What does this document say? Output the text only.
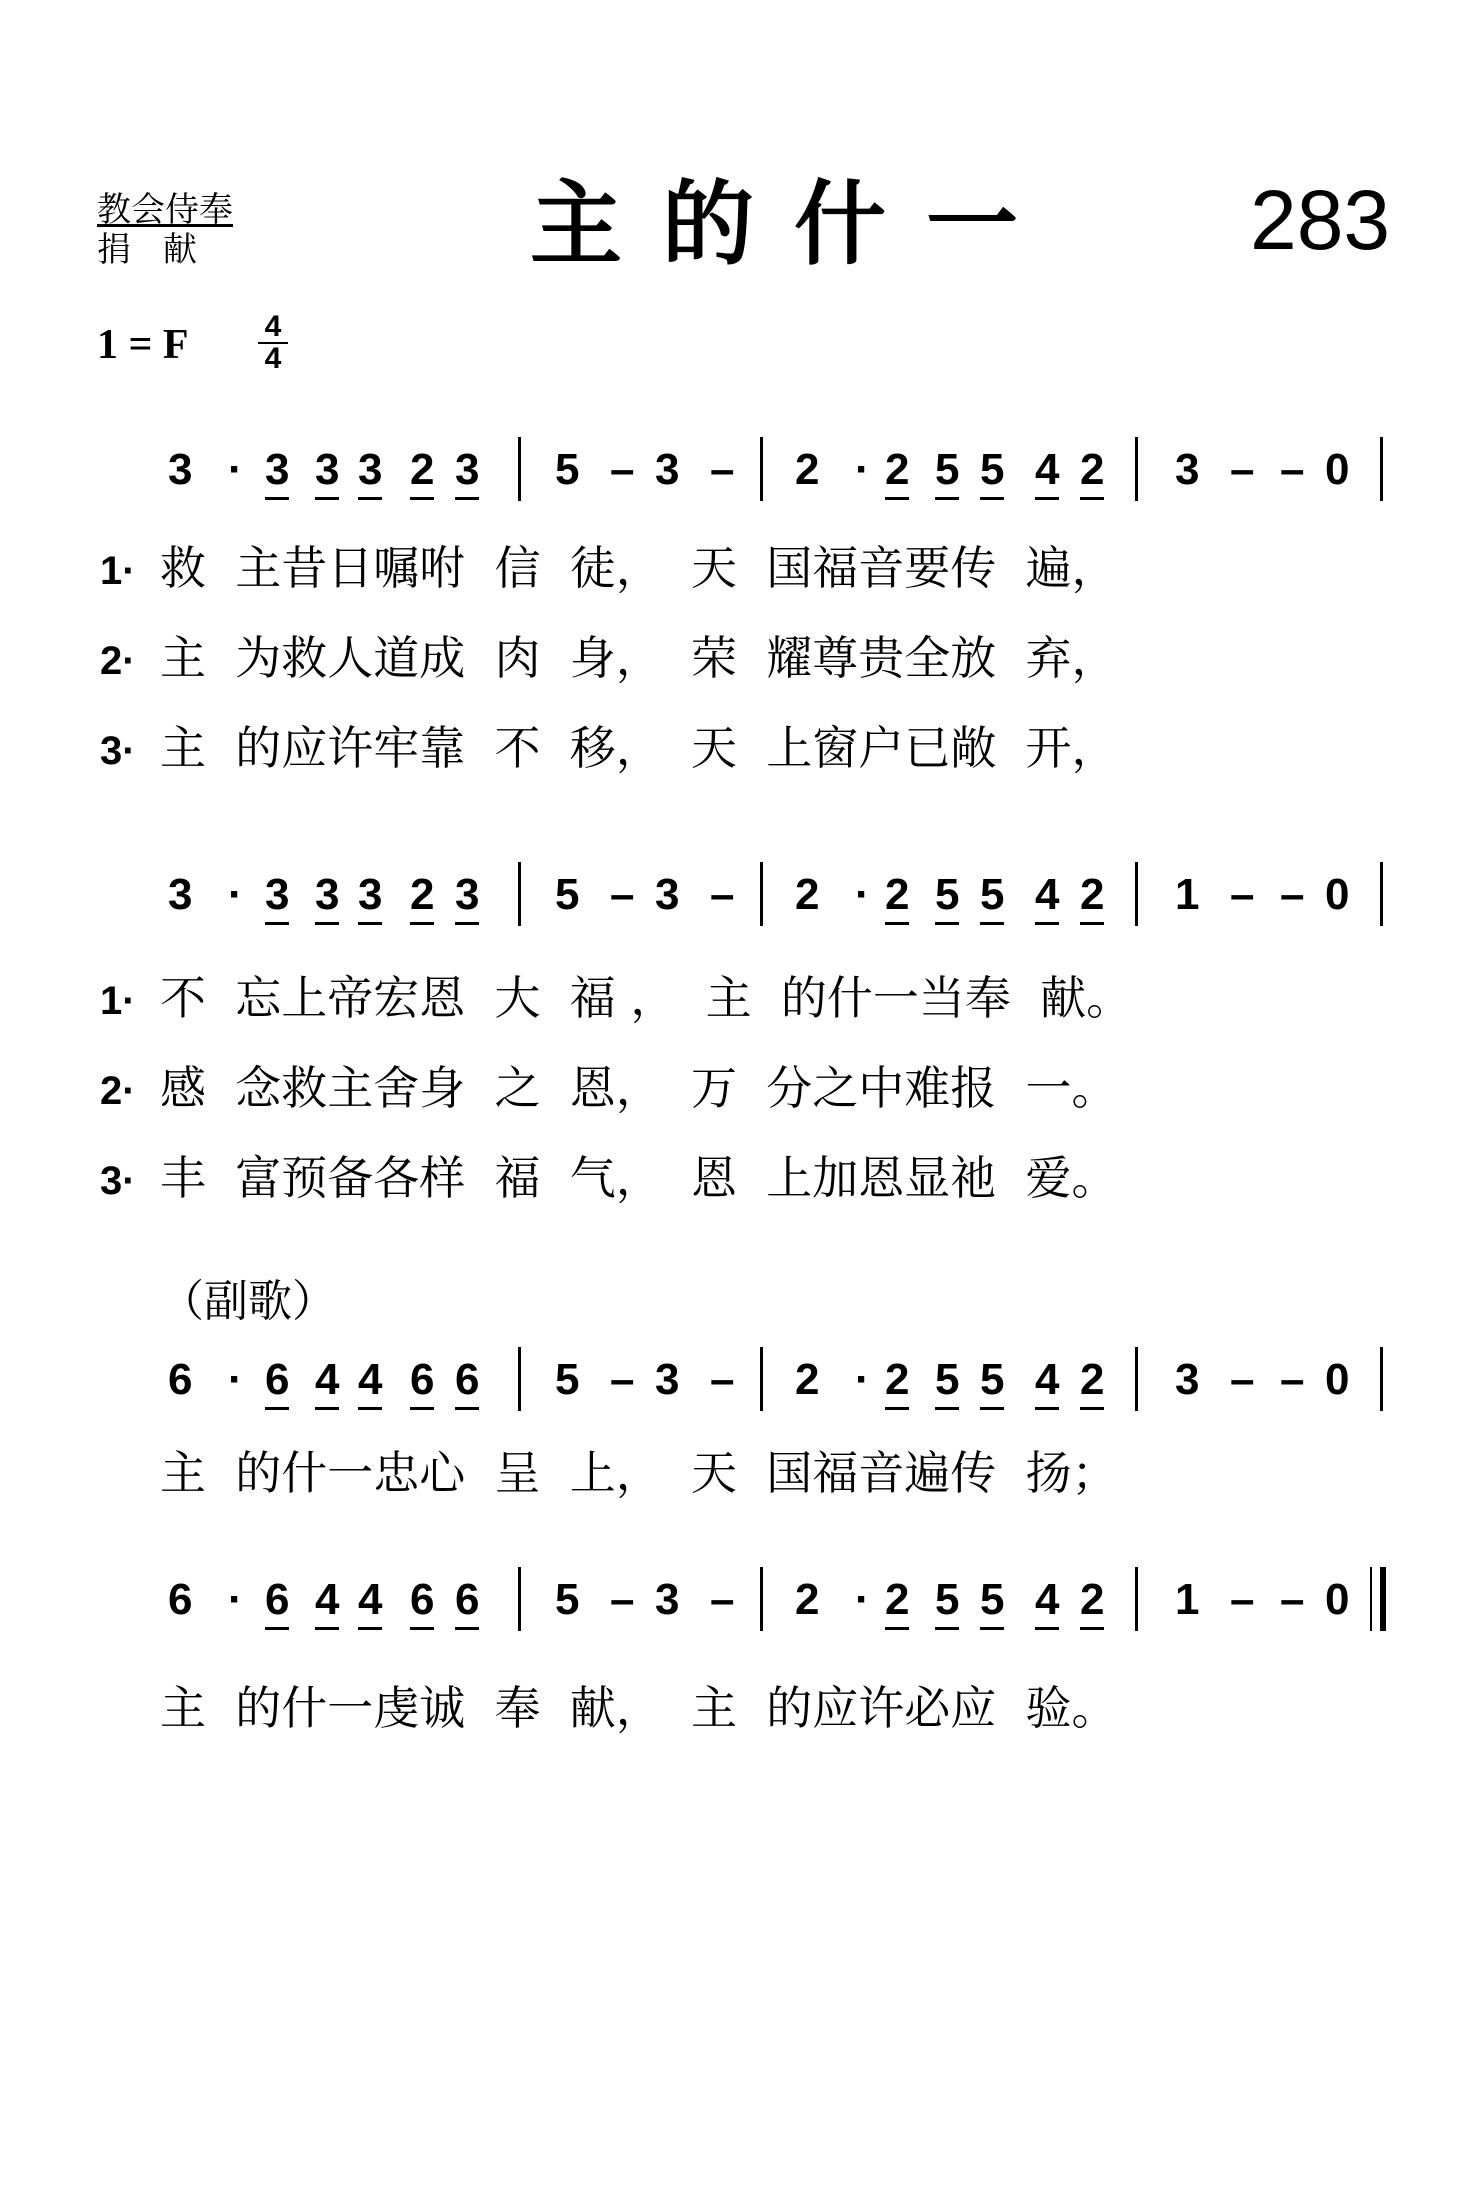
教会侍奉
捐献	主的什一 283
1 = F	4
4
（副歌）
3 · 3 3 3 2 3 5 – 3 – 2 · 2 5 5 4 2 3 – – 0
1· 救  主昔日嘱咐  信  徒，  天  国福音要传  遍，
2· 主  为救人道成  肉  身，  荣  耀尊贵全放  弃，
3· 主  的应许牢靠  不  移，  天  上窗户已敞  开，
3 · 3 3 3 2 3 5 – 3 – 2 · 2 5 5 4 2 1 – – 0
1· 不  忘上帝宏恩  大  福 ，  主  的什一当奉  献。
2· 感  念救主舍身  之  恩，  万  分之中难报  一。
3· 丰  富预备各样  福  气，  恩  上加恩显祂  爱。
6 · 6 4 4 6 6 5 – 3 – 2 · 2 5 5 4 2 3 – – 0
主  的什一忠心  呈  上，  天  国福音遍传  扬；
6 · 6 4 4 6 6 5 – 3 – 2 · 2 5 5 4 2 1 – – 0
主  的什一虔诚  奉  献，  主  的应许必应  验。
